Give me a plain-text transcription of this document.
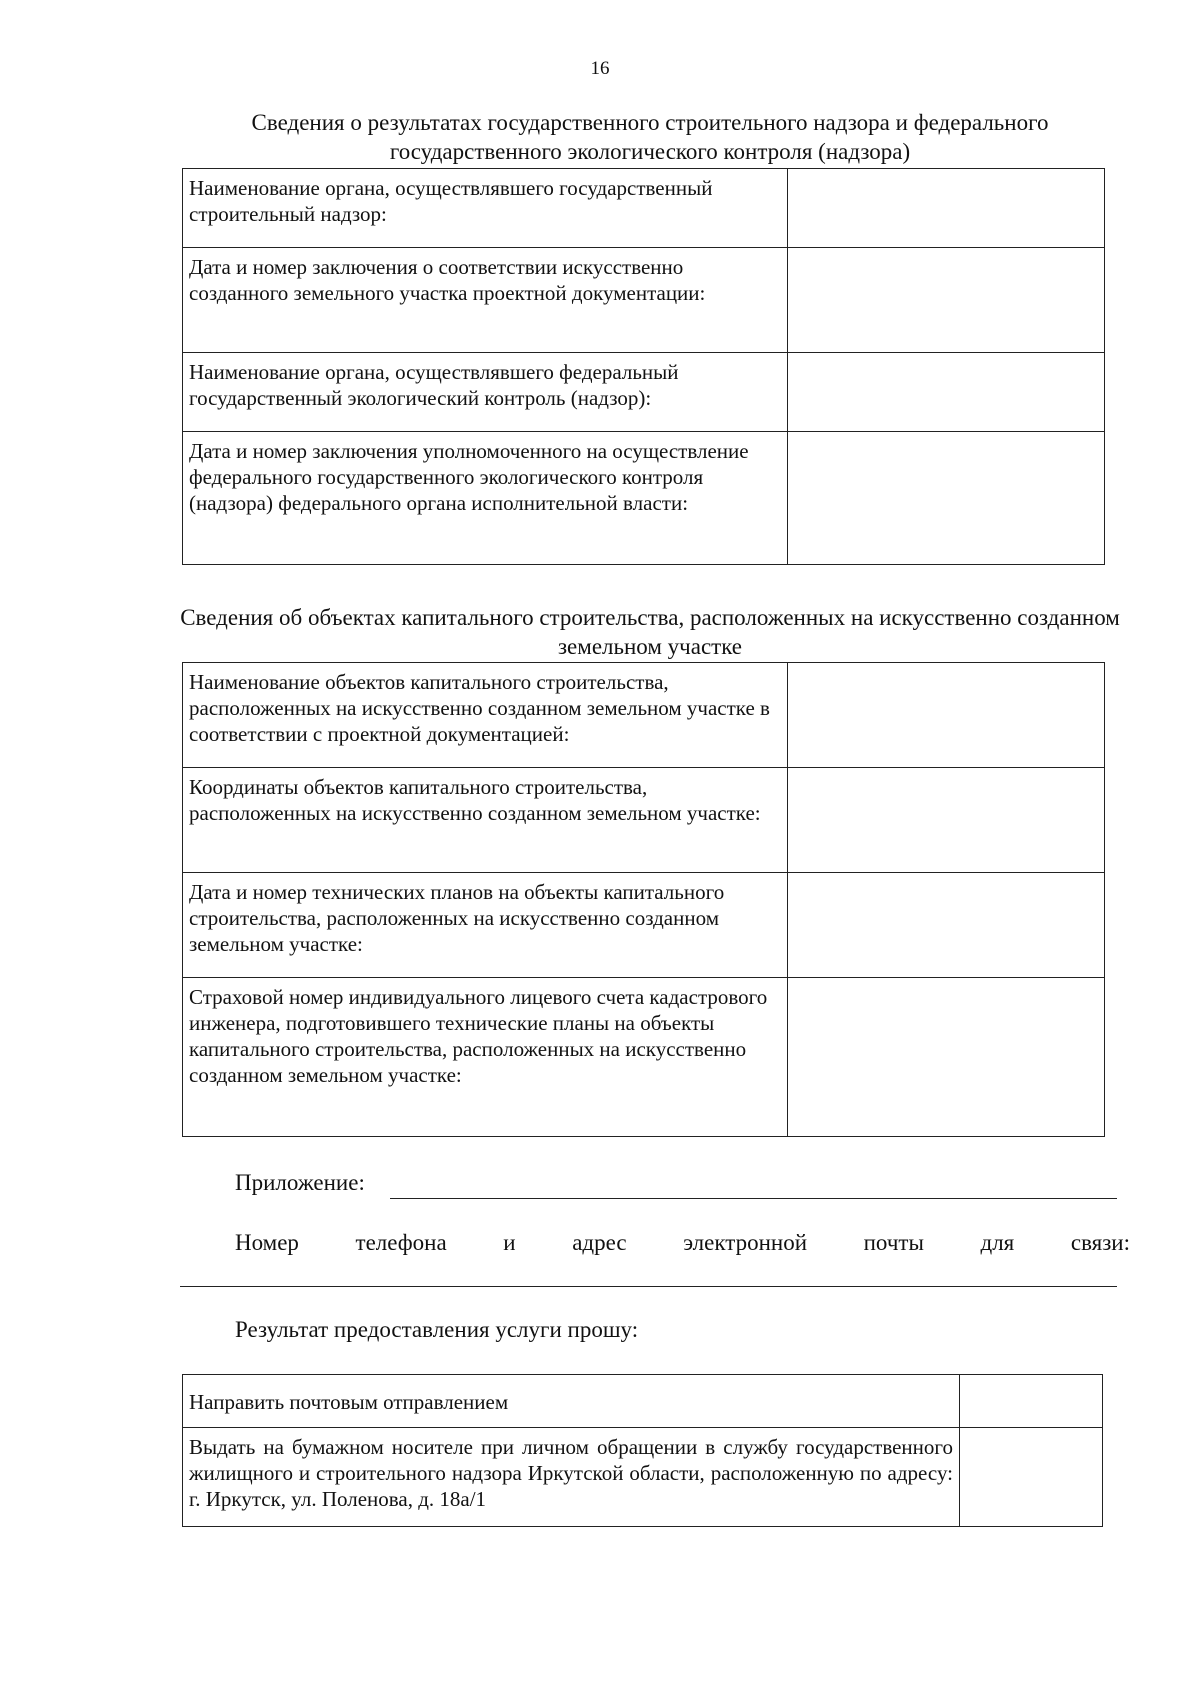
16
Сведения о результатах государственного строительного надзора и федерального государственного экологического контроля (надзора)
Наименование органа, осуществлявшего государственный строительный надзор:	
Дата и номер заключения о соответствии искусственно созданного земельного участка проектной документации:	
Наименование органа, осуществлявшего федеральный государственный экологический контроль (надзор):	
Дата и номер заключения уполномоченного на осуществление федерального государственного экологического контроля (надзора) федерального органа исполнительной власти:	
Сведения об объектах капитального строительства, расположенных на искусственно созданном земельном участке
Наименование объектов капитального строительства, расположенных на искусственно созданном земельном участке в соответствии с проектной документацией:	
Координаты объектов капитального строительства, расположенных на искусственно созданном земельном участке:	
Дата и номер технических планов на объекты капитального строительства, расположенных на искусственно созданном земельном участке:	
Страховой номер индивидуального лицевого счета кадастрового инженера, подготовившего технические планы на объекты капитального строительства, расположенных на искусственно созданном земельном участке:	
Приложение:
Номер телефона и адрес электронной почты для связи:
Результат предоставления услуги прошу:
Направить почтовым отправлением	
Выдать на бумажном носителе при личном обращении в службу государственного жилищного и строительного надзора Иркутской области, расположенную по адресу: г. Иркутск, ул. Поленова, д. 18а/1	
